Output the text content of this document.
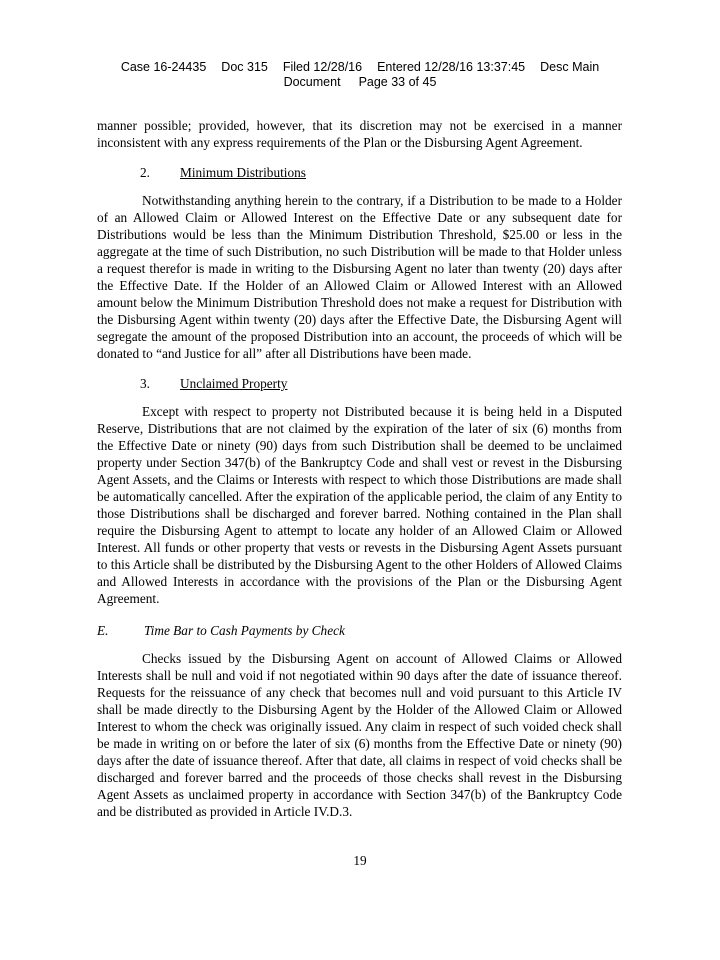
Case 16-24435 Doc 315 Filed 12/28/16 Entered 12/28/16 13:37:45 Desc Main
Document Page 33 of 45

manner possible; provided, however, that its discretion may not be exercised in a manner inconsistent with any express requirements of the Plan or the Disbursing Agent Agreement.

2. Minimum Distributions

Notwithstanding anything herein to the contrary, if a Distribution to be made to a Holder of an Allowed Claim or Allowed Interest on the Effective Date or any subsequent date for Distributions would be less than the Minimum Distribution Threshold, $25.00 or less in the aggregate at the time of such Distribution, no such Distribution will be made to that Holder unless a request therefor is made in writing to the Disbursing Agent no later than twenty (20) days after the Effective Date. If the Holder of an Allowed Claim or Allowed Interest with an Allowed amount below the Minimum Distribution Threshold does not make a request for Distribution with the Disbursing Agent within twenty (20) days after the Effective Date, the Disbursing Agent will segregate the amount of the proposed Distribution into an account, the proceeds of which will be donated to “and Justice for all” after all Distributions have been made.

3. Unclaimed Property

Except with respect to property not Distributed because it is being held in a Disputed Reserve, Distributions that are not claimed by the expiration of the later of six (6) months from the Effective Date or ninety (90) days from such Distribution shall be deemed to be unclaimed property under Section 347(b) of the Bankruptcy Code and shall vest or revest in the Disbursing Agent Assets, and the Claims or Interests with respect to which those Distributions are made shall be automatically cancelled. After the expiration of the applicable period, the claim of any Entity to those Distributions shall be discharged and forever barred. Nothing contained in the Plan shall require the Disbursing Agent to attempt to locate any holder of an Allowed Claim or Allowed Interest. All funds or other property that vests or revests in the Disbursing Agent Assets pursuant to this Article shall be distributed by the Disbursing Agent to the other Holders of Allowed Claims and Allowed Interests in accordance with the provisions of the Plan or the Disbursing Agent Agreement.

E.	Time Bar to Cash Payments by Check

Checks issued by the Disbursing Agent on account of Allowed Claims or Allowed Interests shall be null and void if not negotiated within 90 days after the date of issuance thereof. Requests for the reissuance of any check that becomes null and void pursuant to this Article IV shall be made directly to the Disbursing Agent by the Holder of the Allowed Claim or Allowed Interest to whom the check was originally issued. Any claim in respect of such voided check shall be made in writing on or before the later of six (6) months from the Effective Date or ninety (90) days after the date of issuance thereof. After that date, all claims in respect of void checks shall be discharged and forever barred and the proceeds of those checks shall revest in the Disbursing Agent Assets as unclaimed property in accordance with Section 347(b) of the Bankruptcy Code and be distributed as provided in Article IV.D.3.

19
